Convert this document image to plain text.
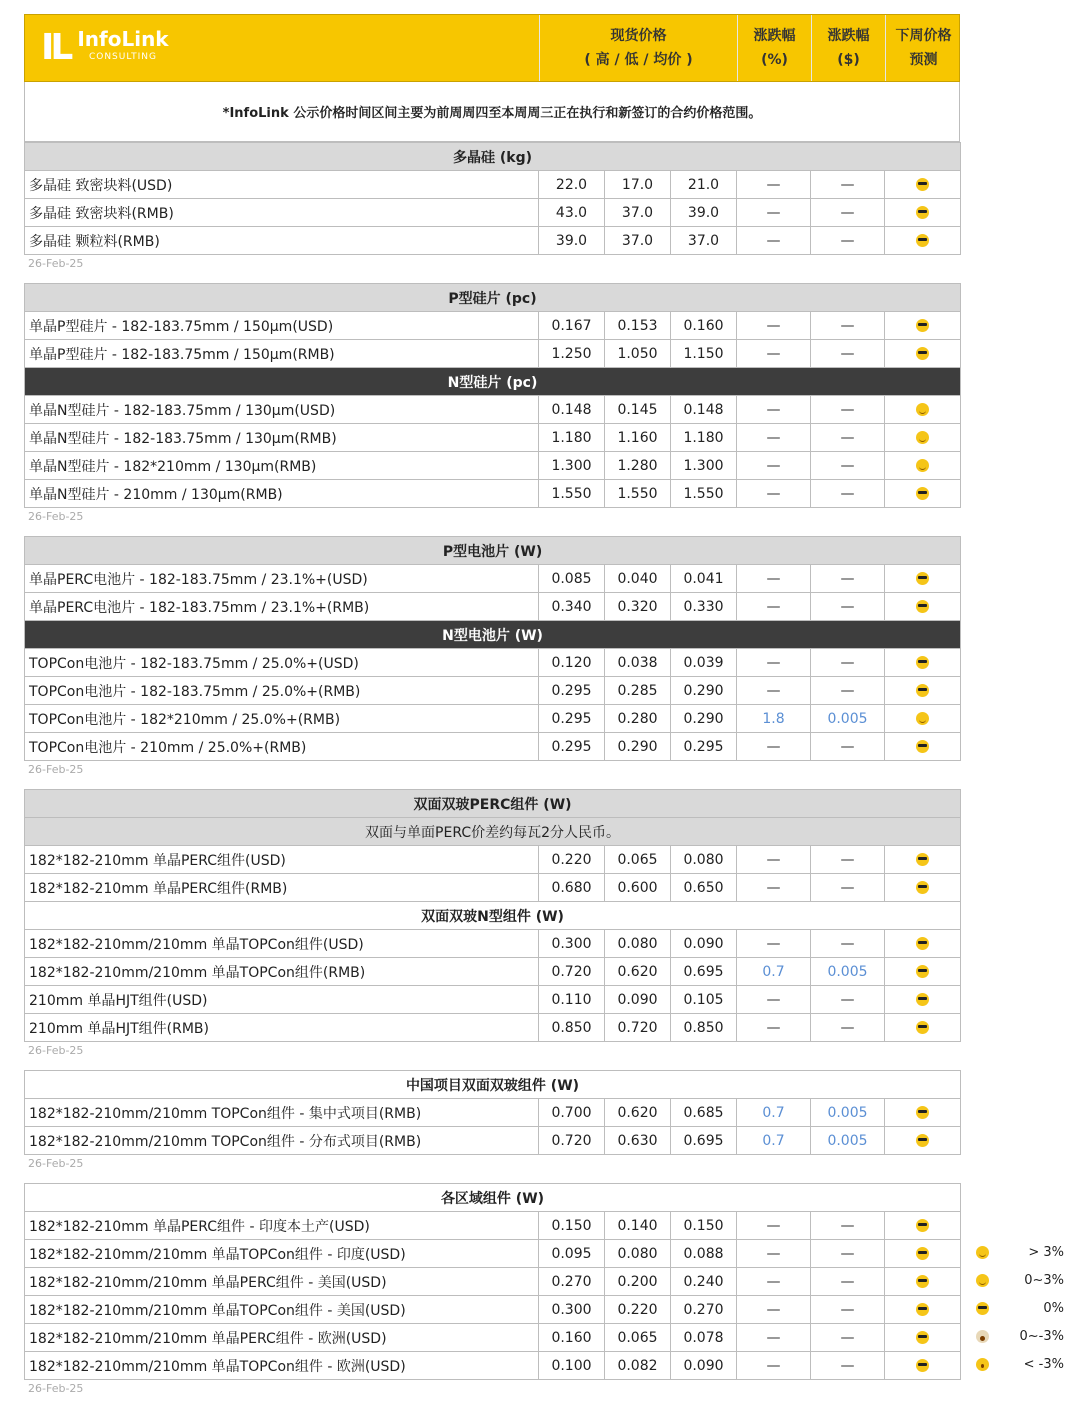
IL InfoLink
CONSULTING
现货价格
( 高 / 低 / 均价 )
涨跌幅
(%)
涨跌幅
($)
下周价格
预测
*InfoLink 公示价格时间区间主要为前周周四至本周周三正在执行和新签订的合约价格范围。
多晶硅 (kg)						
多晶硅 致密块料(USD)	22.0	17.0	21.0	—	—	
多晶硅 致密块料(RMB)	43.0	37.0	39.0	—	—	
多晶硅 颗粒料(RMB)	39.0	37.0	37.0	—	—	
26-Feb-25
P型硅片 (pc)						
单晶P型硅片 - 182-183.75mm / 150μm(USD)	0.167	0.153	0.160	—	—	
单晶P型硅片 - 182-183.75mm / 150μm(RMB)	1.250	1.050	1.150	—	—	
N型硅片 (pc)						
单晶N型硅片 - 182-183.75mm / 130μm(USD)	0.148	0.145	0.148	—	—	
单晶N型硅片 - 182-183.75mm / 130μm(RMB)	1.180	1.160	1.180	—	—	
单晶N型硅片 - 182*210mm / 130μm(RMB)	1.300	1.280	1.300	—	—	
单晶N型硅片 - 210mm / 130μm(RMB)	1.550	1.550	1.550	—	—	
26-Feb-25
P型电池片 (W)						
单晶PERC电池片 - 182-183.75mm / 23.1%+(USD)	0.085	0.040	0.041	—	—	
单晶PERC电池片 - 182-183.75mm / 23.1%+(RMB)	0.340	0.320	0.330	—	—	
N型电池片 (W)						
TOPCon电池片 - 182-183.75mm / 25.0%+(USD)	0.120	0.038	0.039	—	—	
TOPCon电池片 - 182-183.75mm / 25.0%+(RMB)	0.295	0.285	0.290	—	—	
TOPCon电池片 - 182*210mm / 25.0%+(RMB)	0.295	0.280	0.290	1.8	0.005	
TOPCon电池片 - 210mm / 25.0%+(RMB)	0.295	0.290	0.295	—	—	
26-Feb-25
双面双玻PERC组件 (W)						
双面与单面PERC价差约每瓦2分人民币。						
182*182-210mm 单晶PERC组件(USD)	0.220	0.065	0.080	—	—	
182*182-210mm 单晶PERC组件(RMB)	0.680	0.600	0.650	—	—	
双面双玻N型组件 (W)						
182*182-210mm/210mm 单晶TOPCon组件(USD)	0.300	0.080	0.090	—	—	
182*182-210mm/210mm 单晶TOPCon组件(RMB)	0.720	0.620	0.695	0.7	0.005	
210mm 单晶HJT组件(USD)	0.110	0.090	0.105	—	—	
210mm 单晶HJT组件(RMB)	0.850	0.720	0.850	—	—	
26-Feb-25
中国项目双面双玻组件 (W)						
182*182-210mm/210mm TOPCon组件 - 集中式项目(RMB)	0.700	0.620	0.685	0.7	0.005	
182*182-210mm/210mm TOPCon组件 - 分布式项目(RMB)	0.720	0.630	0.695	0.7	0.005	
26-Feb-25
各区域组件 (W)						
182*182-210mm 单晶PERC组件 - 印度本土产(USD)	0.150	0.140	0.150	—	—	
182*182-210mm/210mm 单晶TOPCon组件 - 印度(USD)	0.095	0.080	0.088	—	—	
182*182-210mm/210mm 单晶PERC组件 - 美国(USD)	0.270	0.200	0.240	—	—	
182*182-210mm/210mm 单晶TOPCon组件 - 美国(USD)	0.300	0.220	0.270	—	—	
182*182-210mm/210mm 单晶PERC组件 - 欧洲(USD)	0.160	0.065	0.078	—	—	
182*182-210mm/210mm 单晶TOPCon组件 - 欧洲(USD)	0.100	0.082	0.090	—	—	
26-Feb-25
> 3%
0~3%
0%
0~-3%
< -3%
